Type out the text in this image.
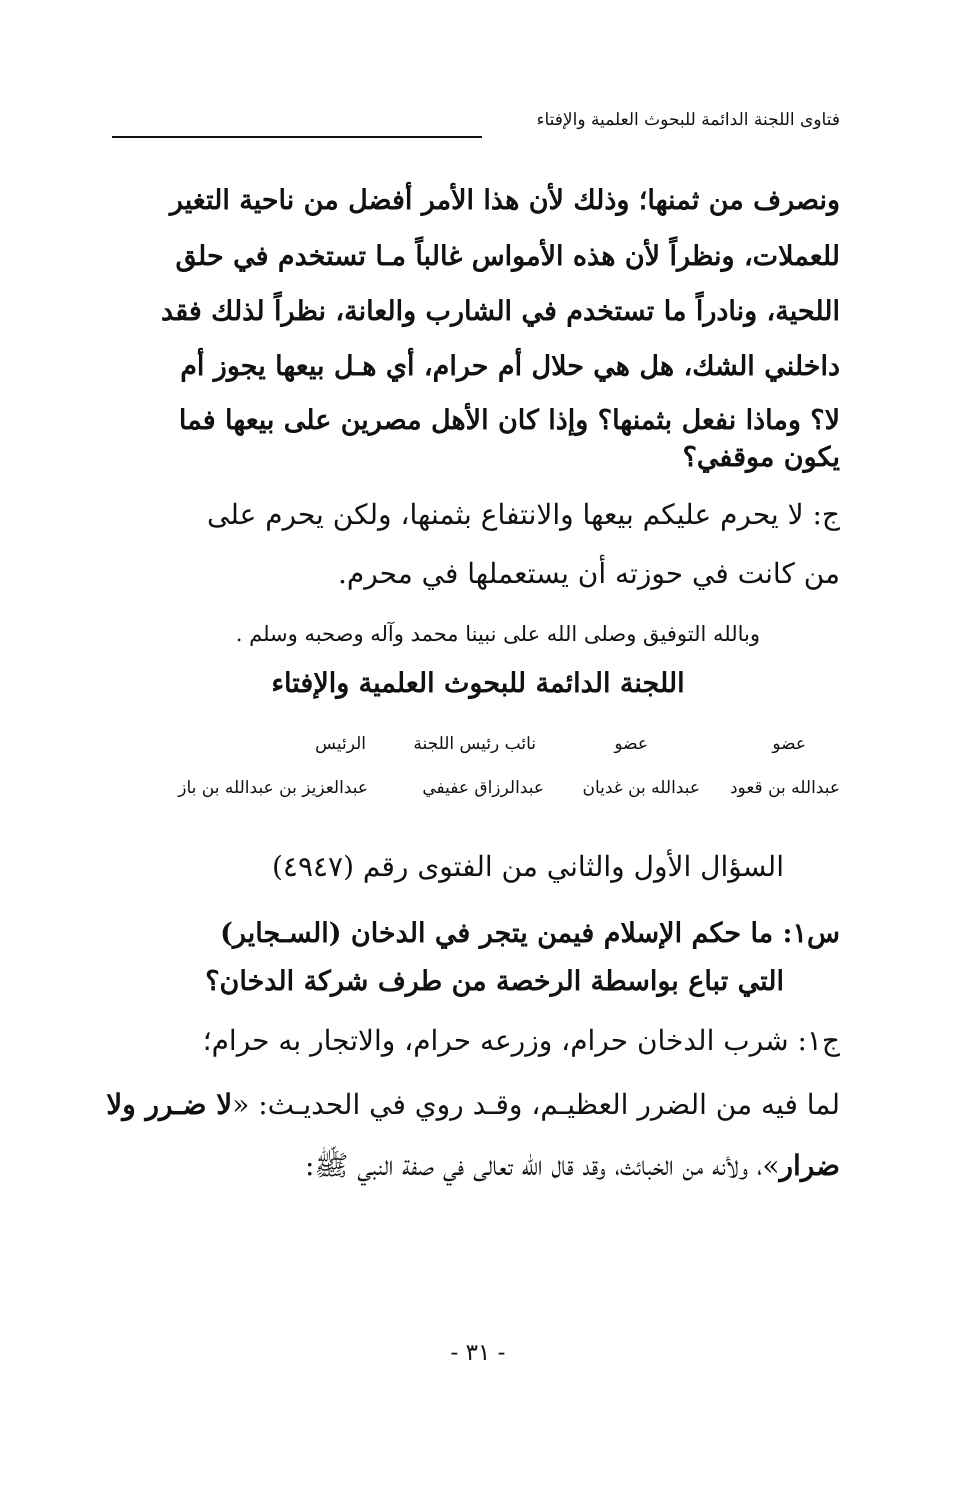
فتاوى اللجنة الدائمة للبحوث العلمية والإفتاء
ونصرف من ثمنها؛ وذلك لأن هذا الأمر أفضل من ناحية التغير
للعملات، ونظراً لأن هذه الأمواس غالباً مـا تستخدم في حلق
اللحية، ونادراً ما تستخدم في الشارب والعانة، نظراً لذلك فقد
داخلني الشك، هل هي حلال أم حرام، أي هـل بيعها يجوز أم
لا؟ وماذا نفعل بثمنها؟ وإذا كان الأهل مصرين على بيعها فما
يكون موقفي؟
ج: لا يحرم عليكم بيعها والانتفاع بثمنها، ولكن يحرم على
من كانت في حوزته أن يستعملها في محرم.
وبالله التوفيق وصلى الله على نبينا محمد وآله وصحبه وسلم .
اللجنة الدائمة للبحوث العلمية والإفتاء
عضو
عضو
نائب رئيس اللجنة
الرئيس
عبدالله بن قعود
عبدالله بن غديان
عبدالرزاق عفيفي
عبدالعزيز بن عبدالله بن باز
السؤال الأول والثاني من الفتوى رقم (٤٩٤٧)
س١: ما حكم الإسلام فيمن يتجر في الدخان (السـجاير)
التي تباع بواسطة الرخصة من طرف شركة الدخان؟
ج١: شرب الدخان حرام، وزرعه حرام، والاتجار به حرام؛
لما فيه من الضرر العظيـم، وقـد روي في الحديـث: «لا ضـرر ولا
ضرار»، ولأنه من الخبائث، وقد قال الله تعالى في صفة النبي ﷺ:
- ٣١ -
